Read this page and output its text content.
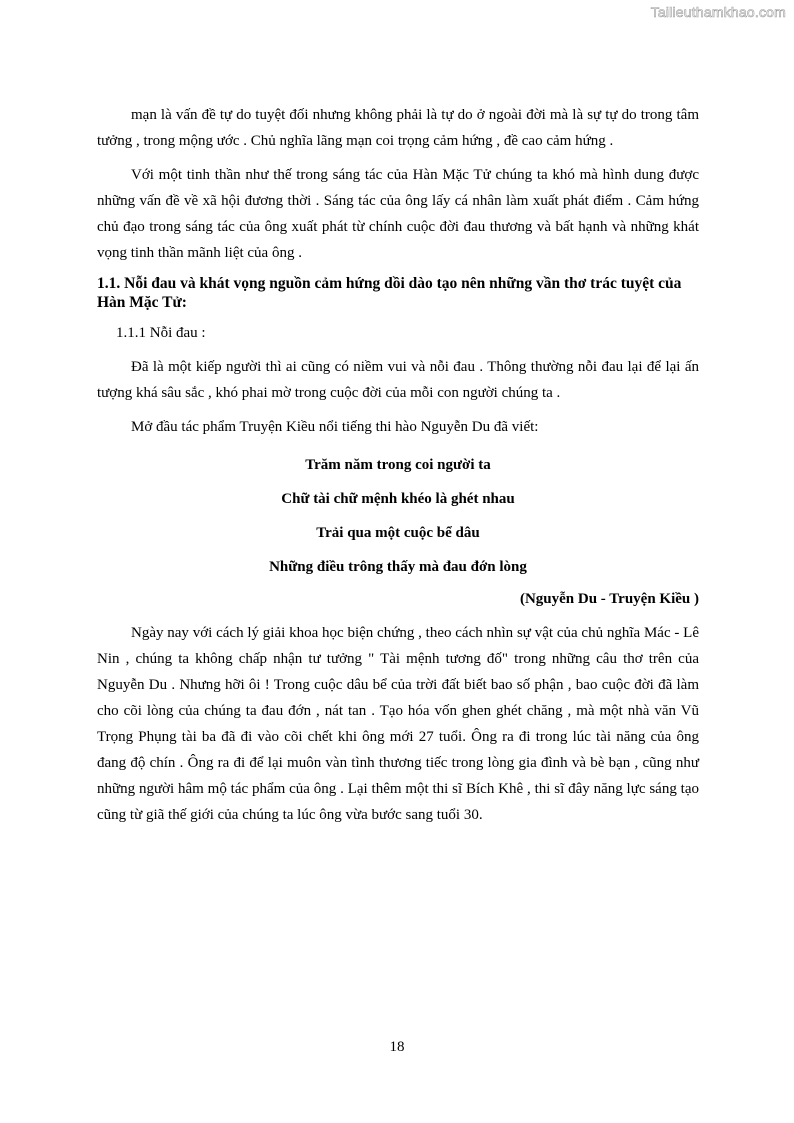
Tailieuthamkhao.com

mạn là vấn đề tự do tuyệt đối nhưng không phải là tự do ở ngoài đời mà là sự tự do trong tâm tưởng , trong mộng ước . Chủ nghĩa lãng mạn coi trọng cảm hứng , đề cao cảm hứng .

Với một tinh thần như thế trong sáng tác của Hàn Mặc Tử chúng ta khó mà hình dung được những vấn đề về xã hội đương thời . Sáng tác của ông lấy cá nhân làm xuất phát điểm . Cảm hứng chủ đạo trong sáng tác của ông xuất phát từ chính cuộc đời đau thương và bất hạnh và những khát vọng tinh thần mãnh liệt của ông .

1.1. Nỗi đau và khát vọng nguồn cảm hứng dồi dào tạo nên những vần thơ trác tuyệt của Hàn Mặc Tử:
1.1.1 Nỗi đau :

Đã là một kiếp người thì ai cũng có niềm vui và nỗi đau . Thông thường nỗi đau lại để lại ấn tượng khá sâu sắc , khó phai mờ trong cuộc đời của mỗi con người chúng ta .

Mở đầu tác phẩm Truyện Kiều nổi tiếng thi hào Nguyễn Du đã viết:

Trăm năm trong coi người ta

Chữ tài chữ mệnh khéo là ghét nhau

Trải qua một cuộc bể dâu

Những điều trông thấy mà đau đớn lòng

(Nguyễn Du - Truyện Kiều )

Ngày nay với cách lý giải khoa học biện chứng , theo cách nhìn sự vật của chủ nghĩa Mác - Lê Nin , chúng ta không chấp nhận tư tưởng " Tài mệnh tương đố" trong những câu thơ trên của Nguyễn Du . Nhưng hỡi ôi ! Trong cuộc dâu bể của trời đất biết bao số phận , bao cuộc đời đã làm cho cõi lòng của chúng ta đau đớn , nát tan . Tạo hóa vốn ghen ghét chăng , mà một nhà văn Vũ Trọng Phụng tài ba đã đi vào cõi chết khi ông mới 27 tuổi. Ông ra đi trong lúc tài năng của ông đang độ chín . Ông ra đi để lại muôn vàn tình thương tiếc trong lòng gia đình và bè bạn , cũng như những người hâm mộ tác phẩm của ông . Lại thêm một thi sĩ Bích Khê , thi sĩ đây năng lực sáng tạo cũng từ giã thế giới của chúng ta lúc ông vừa bước sang tuổi 30.

18
